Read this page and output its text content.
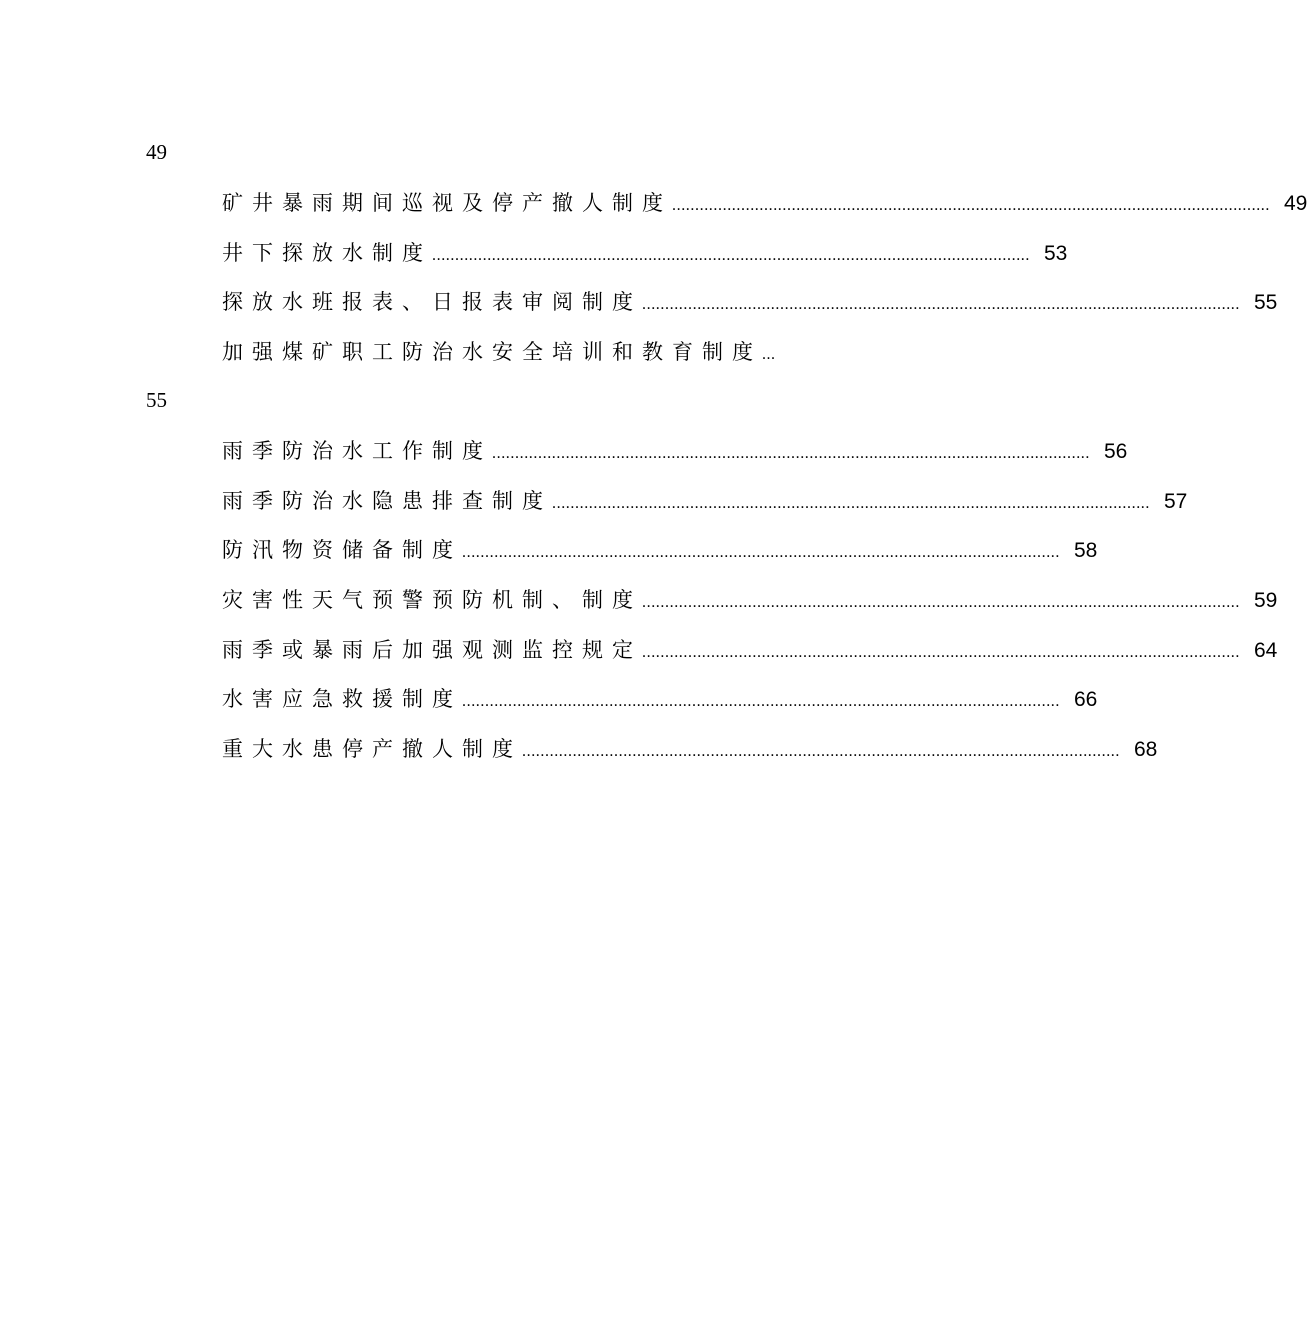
49
矿井暴雨期间巡视及停产撤人制度 .................................................................................................................................. 49
井下探放水制度 .................................................................................................................................. 53
探放水班报表、日报表审阅制度 .................................................................................................................................. 55
加强煤矿职工防治水安全培训和教育制度 ...
55
雨季防治水工作制度 .................................................................................................................................. 56
雨季防治水隐患排查制度 .................................................................................................................................. 57
防汛物资储备制度 .................................................................................................................................. 58
灾害性天气预警预防机制、制度 .................................................................................................................................. 59
雨季或暴雨后加强观测监控规定 .................................................................................................................................. 64
水害应急救援制度 .................................................................................................................................. 66
重大水患停产撤人制度 .................................................................................................................................. 68
